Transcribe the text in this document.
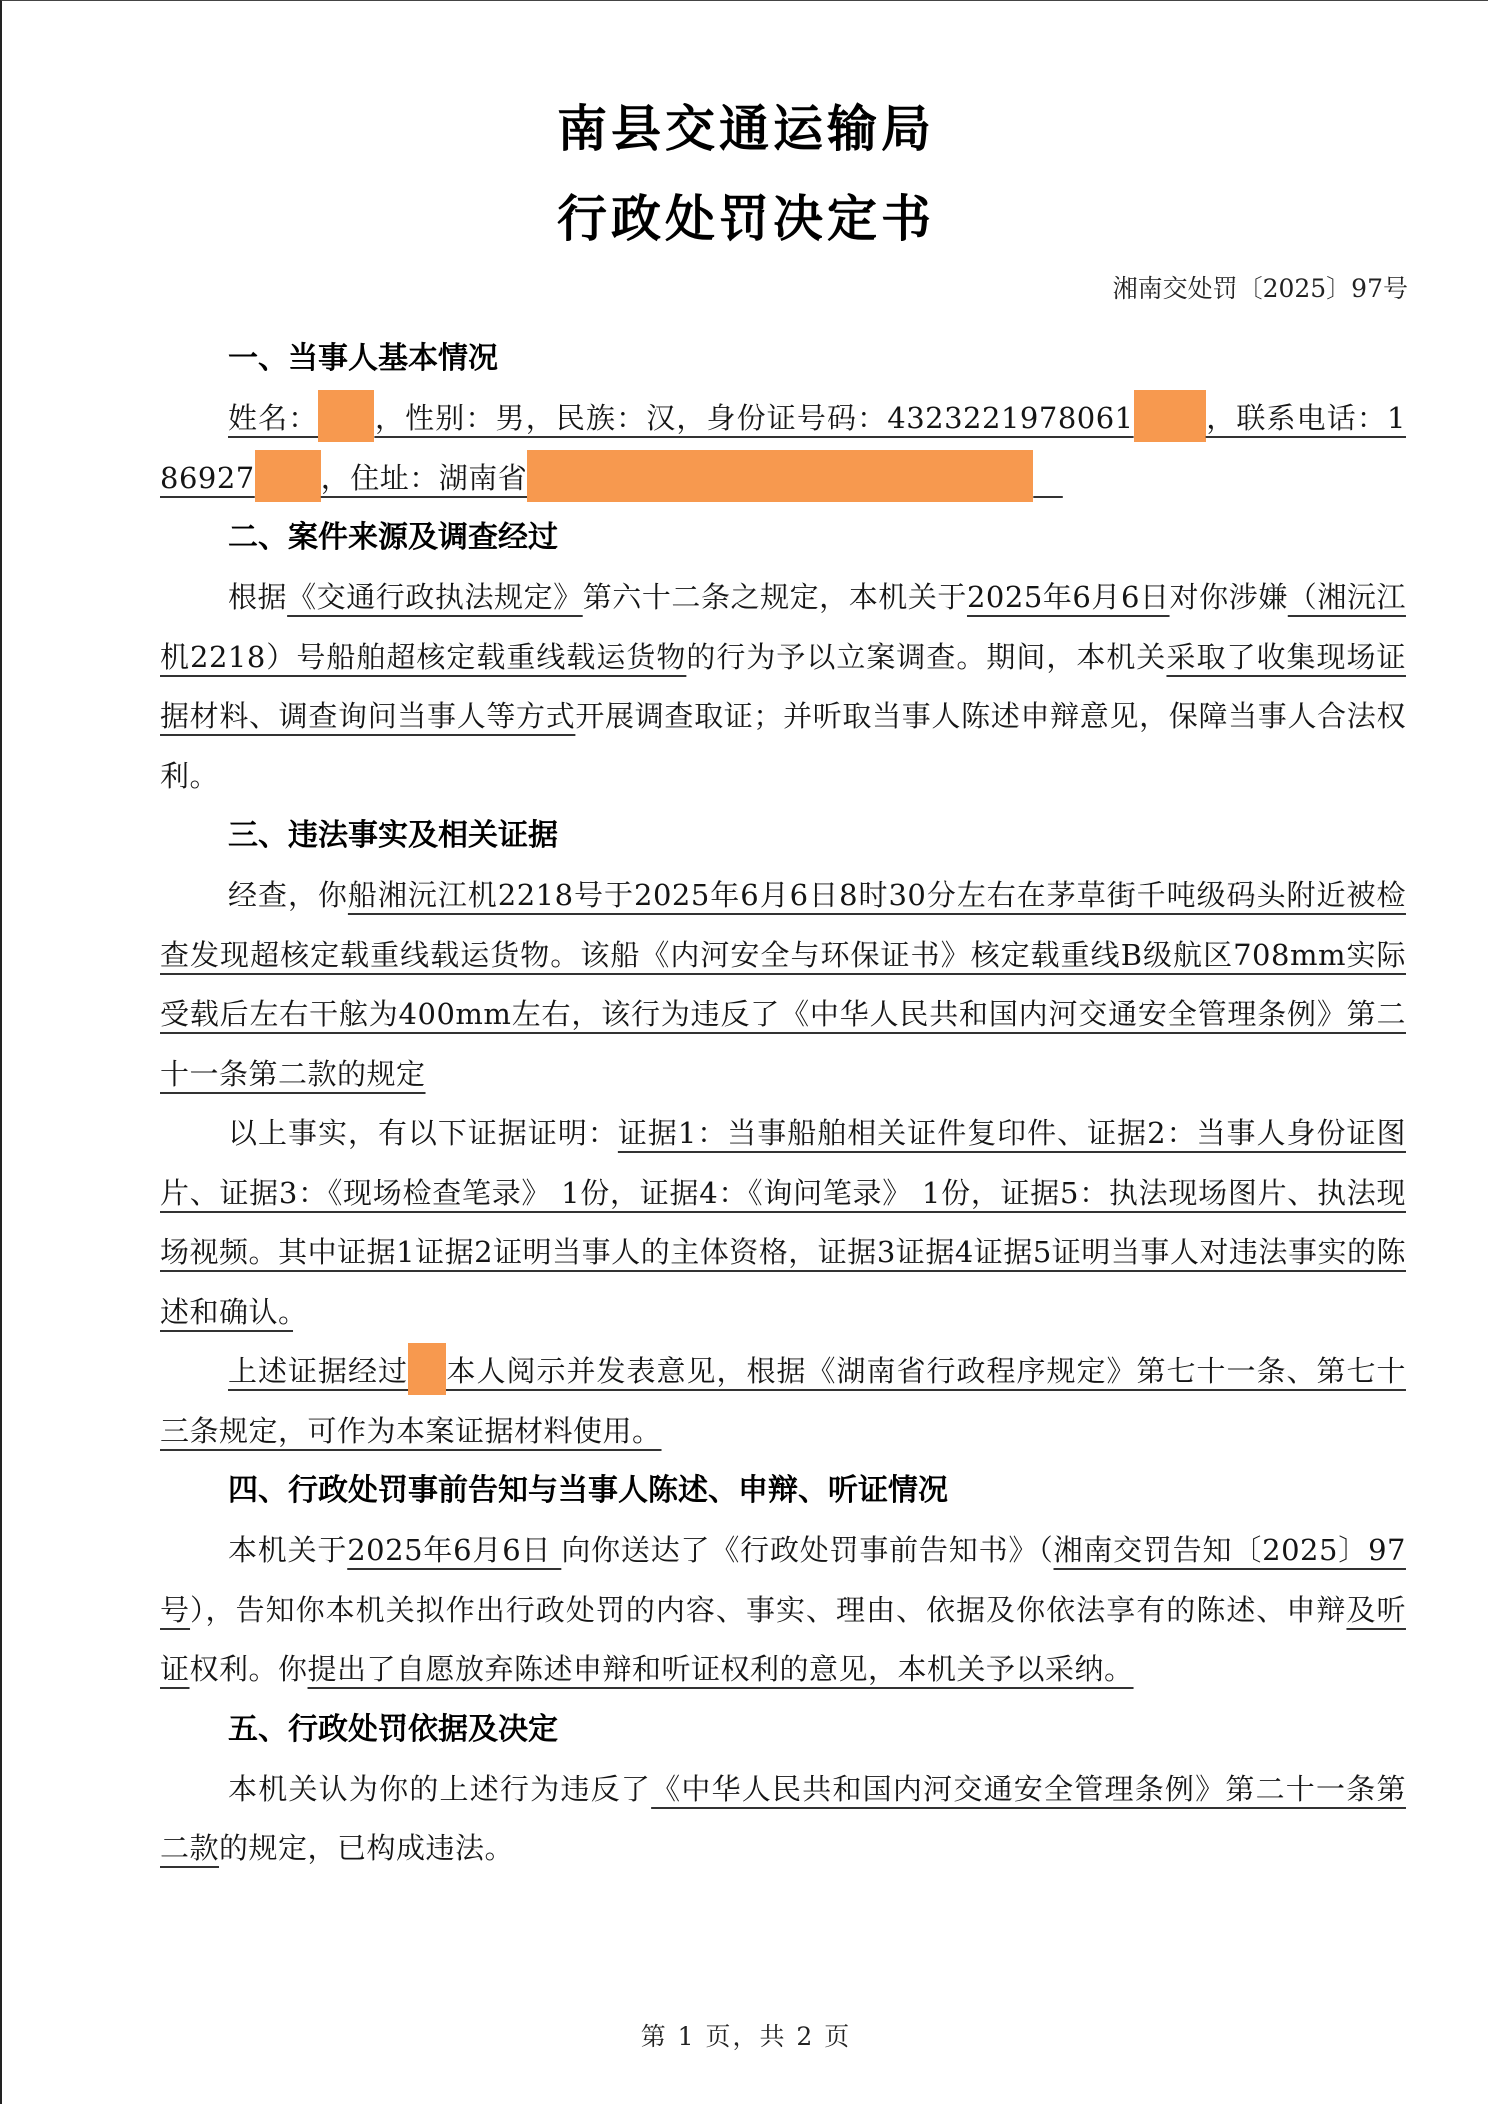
南县交通运输局
行政处罚决定书
湘南交处罚〔2025〕97号
一、当事人基本情况

姓名： ，性别：男，民族：汉，身份证号码：4323221978061 ，联系电话：186927 ，住址：湖南省　

二、案件来源及调查经过

根据《交通行政执法规定》第六十二条之规定，本机关于2025年6月6日对你涉嫌（湘沅江机2218）号船舶超核定载重线载运货物的行为予以立案调查。期间，本机关采取了收集现场证据材料、调查询问当事人等方式开展调查取证；并听取当事人陈述申辩意见，保障当事人合法权利。

三、违法事实及相关证据

经查，你船湘沅江机2218号于2025年6月6日8时30分左右在茅草街千吨级码头附近被检查发现超核定载重线载运货物。该船《内河安全与环保证书》核定载重线B级航区708mm实际受载后左右干舷为400mm左右，该行为违反了《中华人民共和国内河交通安全管理条例》第二十一条第二款的规定

以上事实，有以下证据证明：证据1：当事船舶相关证件复印件、证据2：当事人身份证图片、证据3：《现场检查笔录》 1份，证据4：《询问笔录》 1份，证据5：执法现场图片、执法现场视频。其中证据1证据2证明当事人的主体资格，证据3证据4证据5证明当事人对违法事实的陈述和确认。　

上述证据经过 本人阅示并发表意见，根据《湖南省行政程序规定》第七十一条、第七十三条规定，可作为本案证据材料使用。

四、行政处罚事前告知与当事人陈述、申辩、听证情况

本机关于2025年6月6日 向你送达了《行政处罚事前告知书》（湘南交罚告知〔2025〕97号），告知你本机关拟作出行政处罚的内容、事实、理由、依据及你依法享有的陈述、申辩及听证权利。你提出了自愿放弃陈述申辩和听证权利的意见，本机关予以采纳。

五、行政处罚依据及决定

本机关认为你的上述行为违反了《中华人民共和国内河交通安全管理条例》第二十一条第二款的规定，已构成违法。

第 1 页，共 2 页
